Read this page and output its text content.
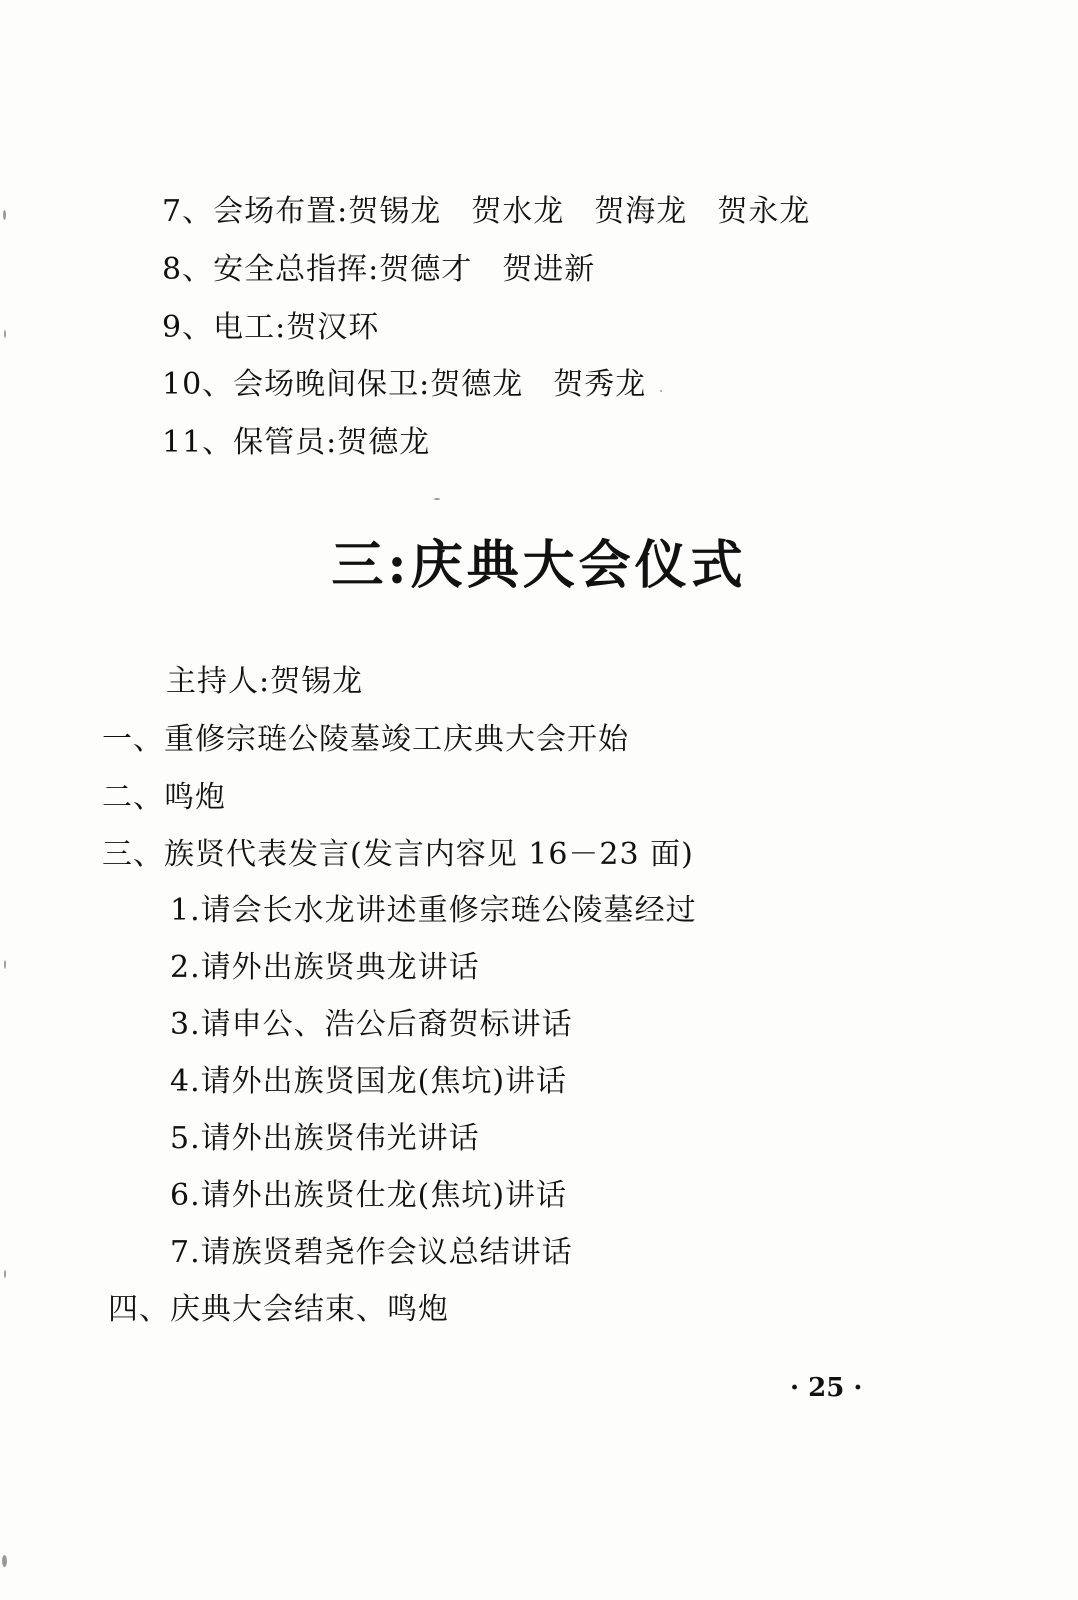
7、会场布置:贺锡龙 贺水龙 贺海龙 贺永龙
8、安全总指挥:贺德才 贺进新
9、电工:贺汉环
10、会场晚间保卫:贺德龙 贺秀龙
11、保管员:贺德龙
三:庆典大会仪式
主持人:贺锡龙
一、重修宗琏公陵墓竣工庆典大会开始
二、鸣炮
三、族贤代表发言(发言内容见 16－23 面)
1.请会长水龙讲述重修宗琏公陵墓经过
2.请外出族贤典龙讲话
3.请申公、浩公后裔贺标讲话
4.请外出族贤国龙(焦坑)讲话
5.请外出族贤伟光讲话
6.请外出族贤仕龙(焦坑)讲话
7.请族贤碧尧作会议总结讲话
四、庆典大会结束、鸣炮
· 25 ·
